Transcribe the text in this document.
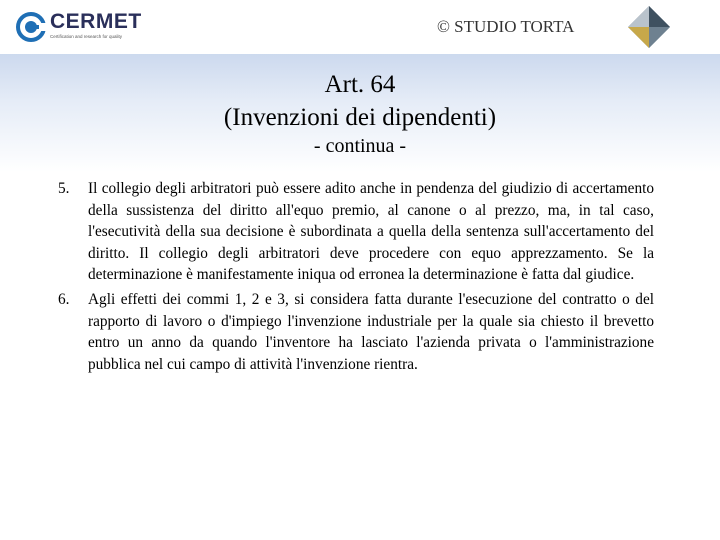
CERMET
Certification and research for quality
© STUDIO TORTA
Art. 64
(Invenzioni dei dipendenti)
- continua -

5. Il collegio degli arbitratori può essere adito anche in pendenza del giudizio di accertamento della sussistenza del diritto all'equo premio, al canone o al prezzo, ma, in tal caso, l'esecutività della sua decisione è subordinata a quella della sentenza sull'accertamento del diritto. Il collegio degli arbitratori deve procedere con equo apprezzamento. Se la determinazione è manifestamente iniqua od erronea la determinazione è fatta dal giudice.

6. Agli effetti dei commi 1, 2 e 3, si considera fatta durante l'esecuzione del contratto o del rapporto di lavoro o d'impiego l'invenzione industriale per la quale sia chiesto il brevetto entro un anno da quando l'inventore ha lasciato l'azienda privata o l'amministrazione pubblica nel cui campo di attività l'invenzione rientra.
